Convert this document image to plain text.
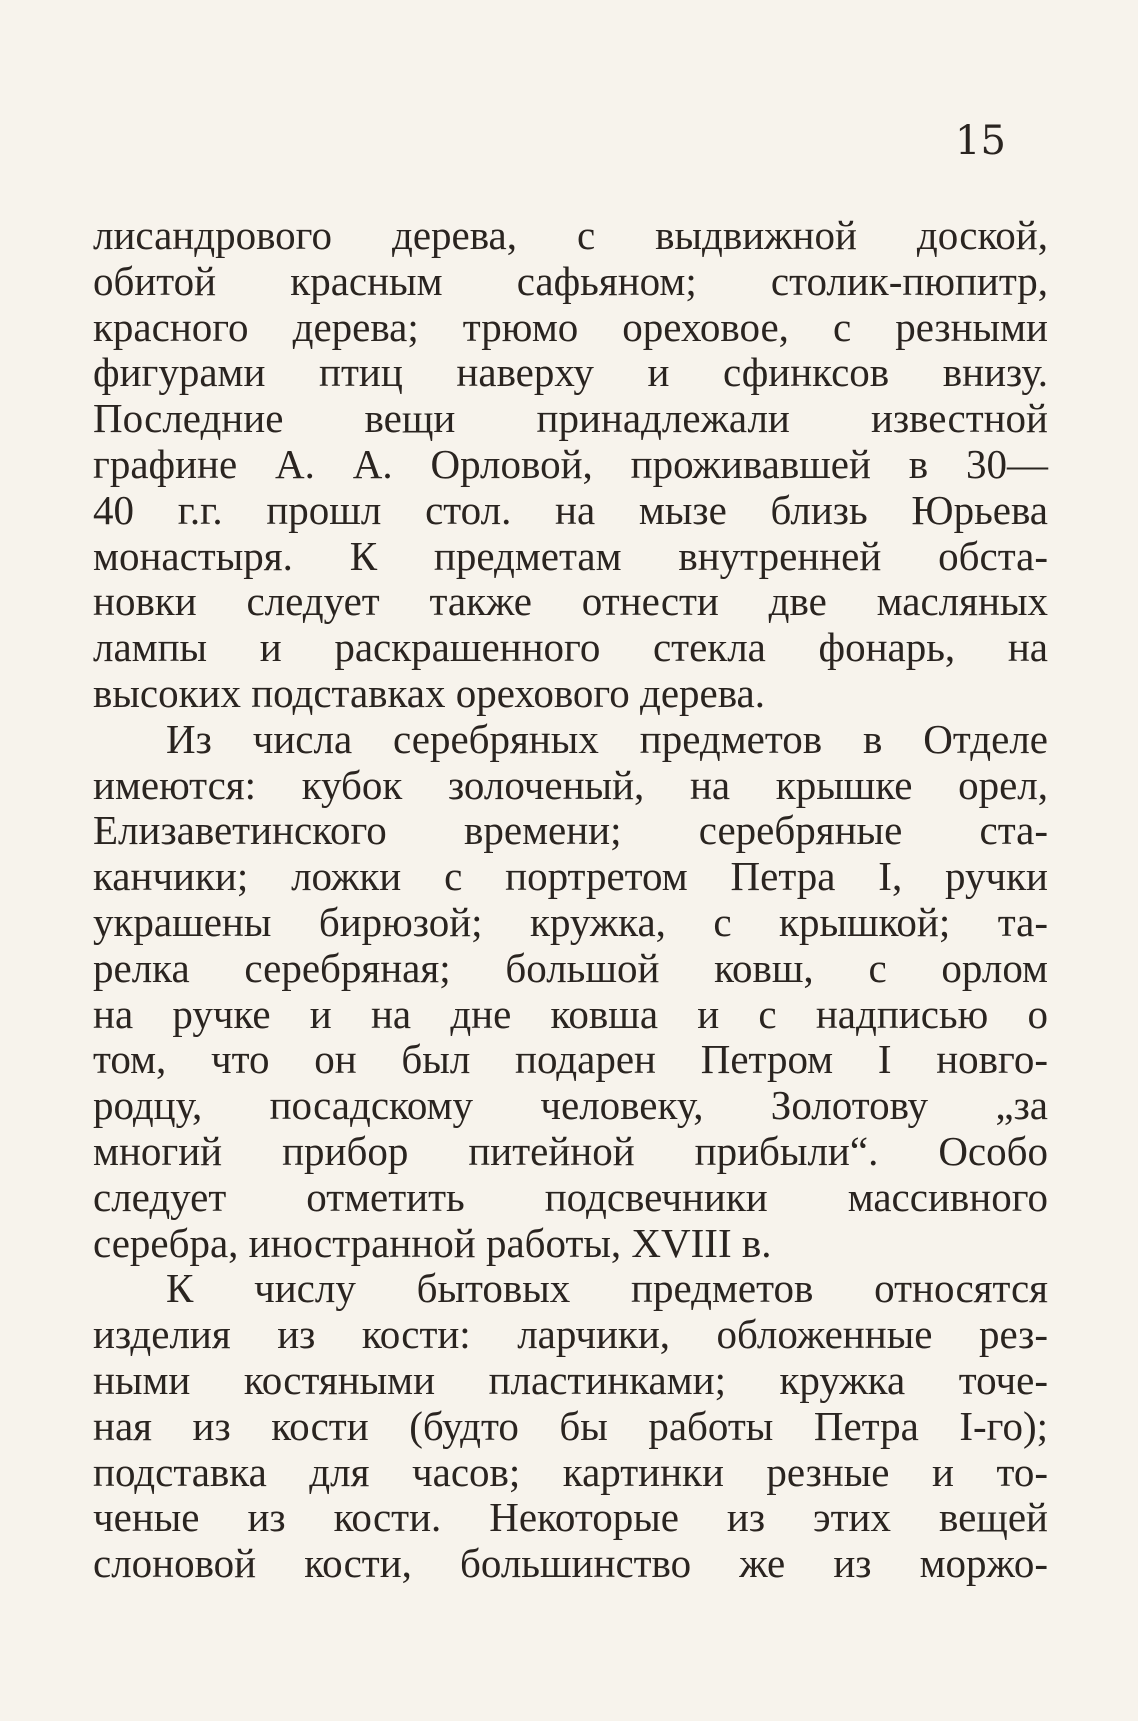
15
лисандрового дерева, с выдвижной доской,
обитой красным сафьяном; столик-пюпитр,
красного дерева; трюмо ореховое, с резными
фигурами птиц наверху и сфинксов внизу.
Последние вещи принадлежали известной
графине А. А. Орловой, проживавшей в 30—
40 г.г. прошл стол. на мызе близь Юрьева
монастыря. К предметам внутренней обста-
новки следует также отнести две масляных
лампы и раскрашенного стекла фонарь, на
высоких подставках орехового дерева.
Из числа серебряных предметов в Отделе
имеются: кубок золоченый, на крышке орел,
Елизаветинского времени; серебряные ста-
канчики; ложки с портретом Петра I, ручки
украшены бирюзой; кружка, с крышкой; та-
релка серебряная; большой ковш, с орлом
на ручке и на дне ковша и с надписью о
том, что он был подарен Петром I новго-
родцу, посадскому человеку, Золотову „за
многий прибор питейной прибыли“. Особо
следует отметить подсвечники массивного
серебра, иностранной работы, XVIII в.
К числу бытовых предметов относятся
изделия из кости: ларчики, обложенные рез-
ными костяными пластинками; кружка точе-
ная из кости (будто бы работы Петра I-го);
подставка для часов; картинки резные и то-
ченые из кости. Некоторые из этих вещей
слоновой кости, большинство же из моржо-
